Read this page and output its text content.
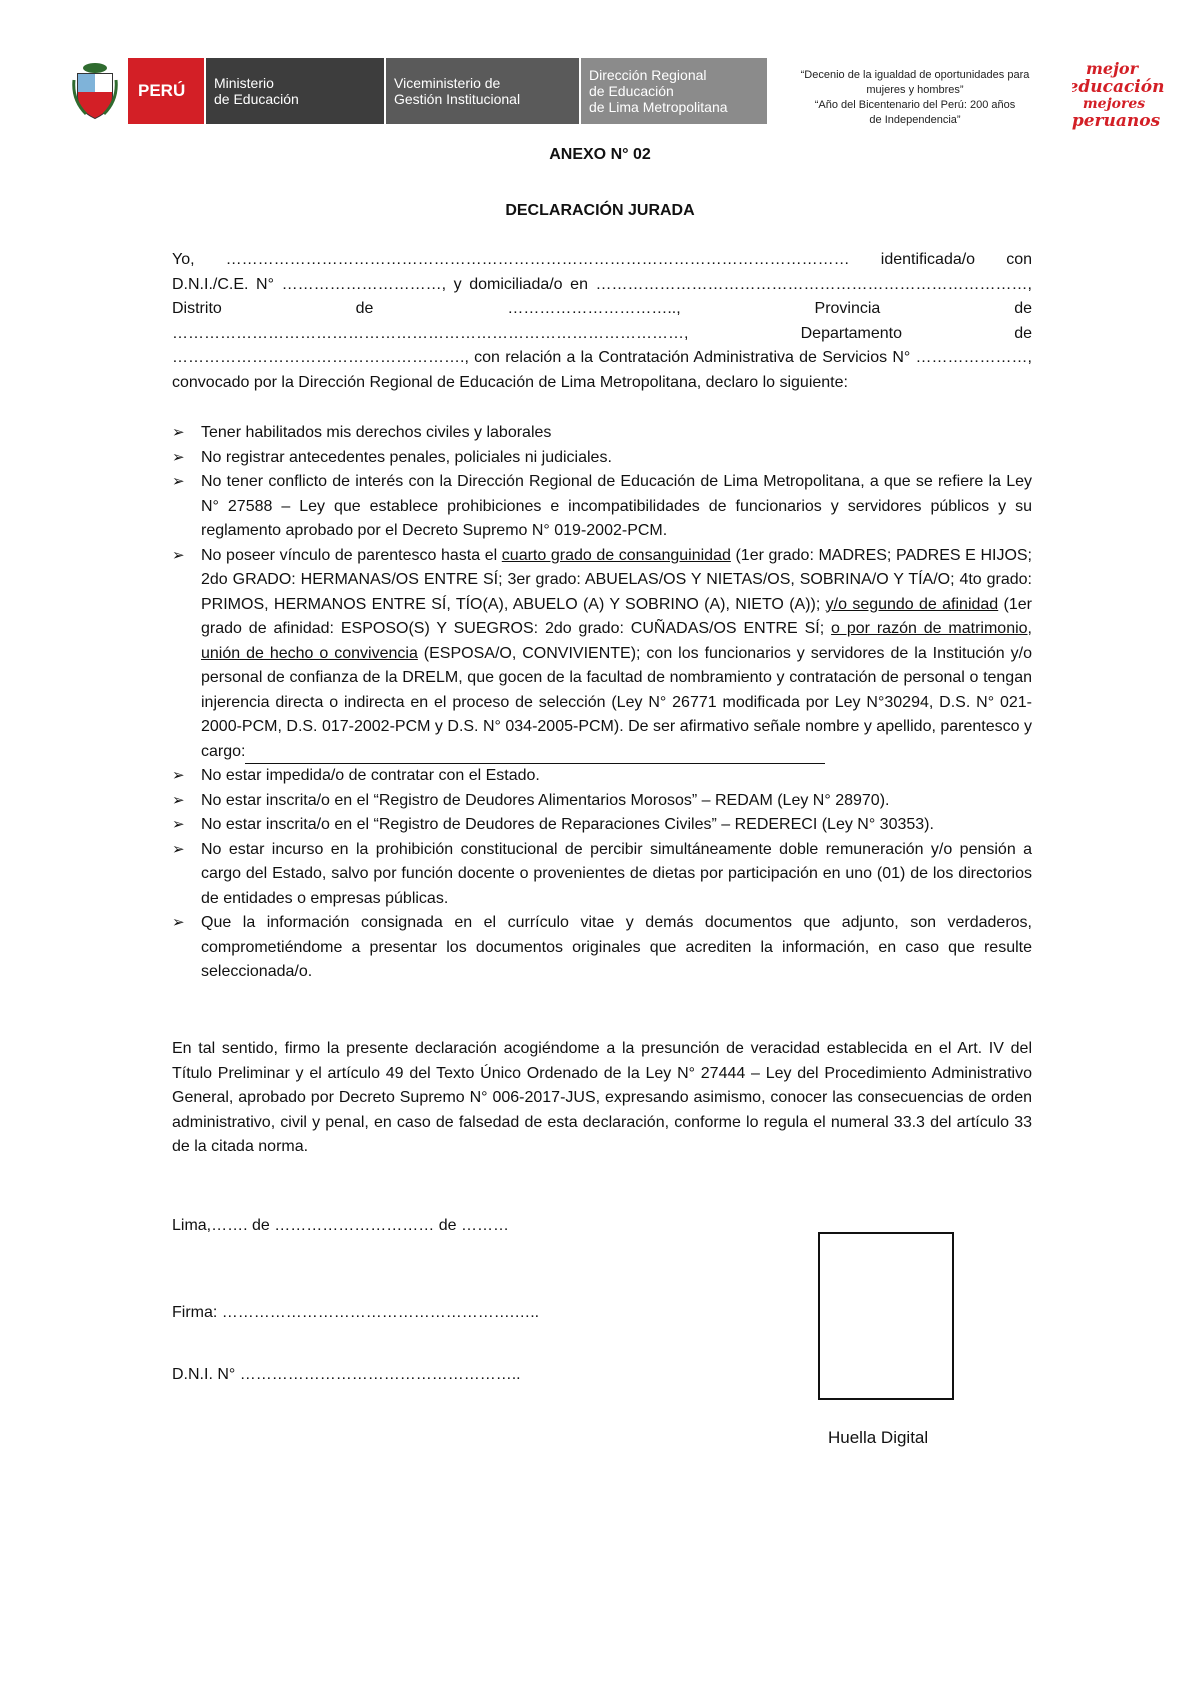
PERÚ	Ministerio
de Educación
Viceministerio de
Gestión Institucional
Dirección Regional
de Educación
de Lima Metropolitana
“Decenio de la igualdad de oportunidades para
mujeres y hombres”
“Año del Bicentenario del Perú: 200 años
de Independencia”
mejor
educación
mejores
peruanos
ANEXO N° 02
DECLARACIÓN JURADA

Yo, ……………………………………………………………………………………………………… identificada/o con D.N.I./C.E. N° …………………………, y domiciliada/o en ………………………………………………………………………, Distrito de ………………………….., Provincia de ……………………………………………………………………………………, Departamento de ………………………………………………., con relación a la Contratación Administrativa de Servicios N° …………………, convocado por la Dirección Regional de Educación de Lima Metropolitana, declaro lo siguiente:

➢ Tener habilitados mis derechos civiles y laborales
➢ No registrar antecedentes penales, policiales ni judiciales.
➢ No tener conflicto de interés con la Dirección Regional de Educación de Lima Metropolitana, a que se refiere la Ley N° 27588 – Ley que establece prohibiciones e incompatibilidades de funcionarios y servidores públicos y su reglamento aprobado por el Decreto Supremo N° 019-2002-PCM.
➢ No poseer vínculo de parentesco hasta el cuarto grado de consanguinidad (1er grado: MADRES; PADRES E HIJOS; 2do GRADO: HERMANAS/OS ENTRE SÍ; 3er grado: ABUELAS/OS Y NIETAS/OS, SOBRINA/O Y TÍA/O; 4to grado: PRIMOS, HERMANOS ENTRE SÍ, TÍO(A), ABUELO (A) Y SOBRINO (A), NIETO (A)); y/o segundo de afinidad (1er grado de afinidad: ESPOSO(S) Y SUEGROS: 2do grado: CUÑADAS/OS ENTRE SÍ; o por razón de matrimonio, unión de hecho o convivencia (ESPOSA/O, CONVIVIENTE); con los funcionarios y servidores de la Institución y/o personal de confianza de la DRELM, que gocen de la facultad de nombramiento y contratación de personal o tengan injerencia directa o indirecta en el proceso de selección (Ley N° 26771 modificada por Ley N°30294, D.S. N° 021-2000-PCM, D.S. 017-2002-PCM y D.S. N° 034-2005-PCM). De ser afirmativo señale nombre y apellido, parentesco y cargo:
➢ No estar impedida/o de contratar con el Estado.
➢ No estar inscrita/o en el “Registro de Deudores Alimentarios Morosos” – REDAM (Ley N° 28970).
➢ No estar inscrita/o en el “Registro de Deudores de Reparaciones Civiles” – REDERECI (Ley N° 30353).
➢ No estar incurso en la prohibición constitucional de percibir simultáneamente doble remuneración y/o pensión a cargo del Estado, salvo por función docente o provenientes de dietas por participación en uno (01) de los directorios de entidades o empresas públicas.
➢ Que la información consignada en el currículo vitae y demás documentos que adjunto, son verdaderos, comprometiéndome a presentar los documentos originales que acrediten la información, en caso que resulte seleccionada/o.

En tal sentido, firmo la presente declaración acogiéndome a la presunción de veracidad establecida en el Art. IV del Título Preliminar y el artículo 49 del Texto Único Ordenado de la Ley N° 27444 – Ley del Procedimiento Administrativo General, aprobado por Decreto Supremo N° 006-2017-JUS, expresando asimismo, conocer las consecuencias de orden administrativo, civil y penal, en caso de falsedad de esta declaración, conforme lo regula el numeral 33.3 del artículo 33 de la citada norma.

Lima,……. de ………………………… de ………
Firma: ……………………………………………….…..
D.N.I. N° ……………………………………………..
Huella Digital
